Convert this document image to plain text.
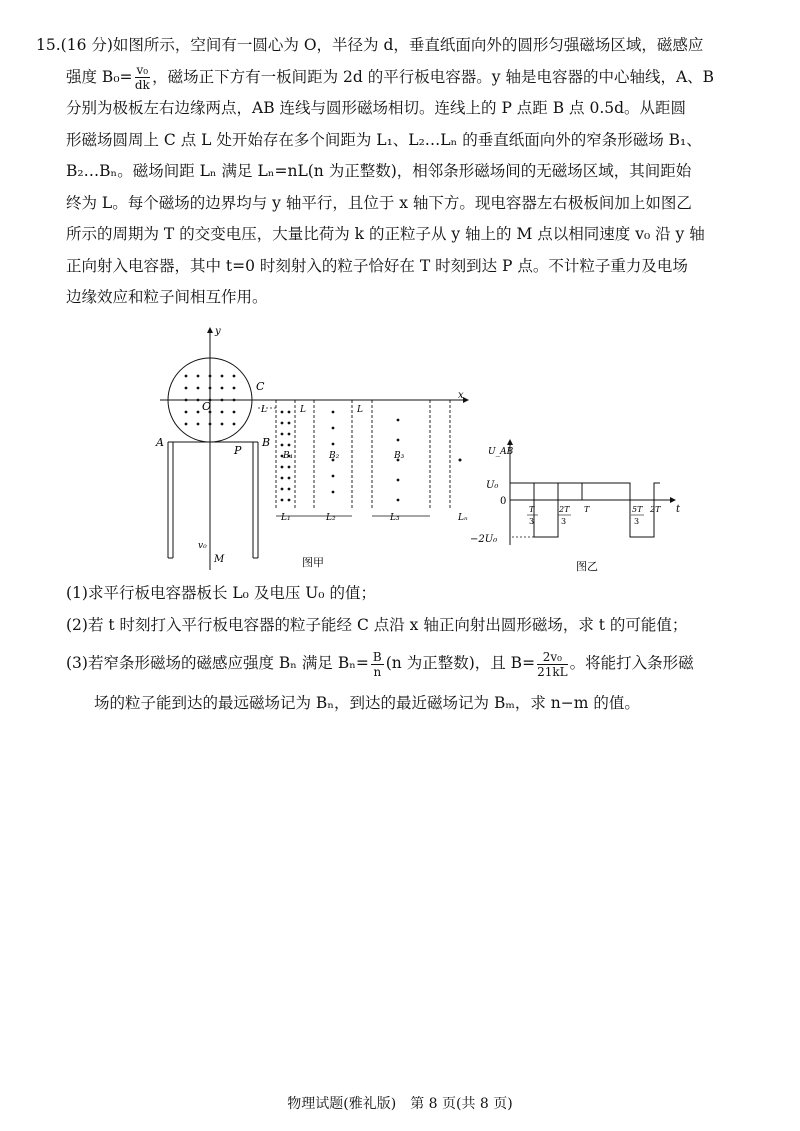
15.(16 分)如图所示，空间有一圆心为 O，半径为 d，垂直纸面向外的圆形匀强磁场区域，磁感应

强度 $B_0= \frac{\text{v₀}}{dk}$ ，磁场正下方有一板间距为 2d 的平行板电容器。y 轴是电容器的中心轴线，A、B

分别为极板左右边缘两点，AB 连线与圆形磁场相切。连线上的 P 点距 B 点 0.5d。从距圆

形磁场圆周上 C 点 L 处开始存在多个间距为 L₁、L₂…Lₙ 的垂直纸面向外的窄条形磁场 B₁、

B₂…Bₙ。磁场间距 Lₙ 满足 Lₙ=nL(n 为正整数)，相邻条形磁场间的无磁场区域，其间距始

终为 L。每个磁场的边界均与 y 轴平行，且位于 x 轴下方。现电容器左右极板间加上如图乙

所示的周期为 T 的交变电压，大量比荷为 k 的正粒子从 y 轴上的 M 点以相同速度 v₀ 沿 y 轴

正向射入电容器，其中 t=0 时刻射入的粒子恰好在 T 时刻到达 P 点。不计粒子重力及电场

边缘效应和粒子间相互作用。

y
x
O
C
A	B
P
v₀
M
L	L	L
B₁	B₂	B₃
L₁	L₂	L₃	Lₙ
图甲
U_AB
U₀
0
−2U₀
t
T
3
2T
3
T	5T
3
2T
图乙

(1)求平行板电容器板长 L₀ 及电压 U₀ 的值；

(2)若 t 时刻打入平行板电容器的粒子能经 C 点沿 x 轴正向射出圆形磁场，求 t 的可能值；

(3)若窄条形磁场的磁感应强度 Bₙ 满足 $B_n= \frac{B}{n} (n$ 为正整数)，且 $B= \frac{\text{2v₀}}{21kL}$ 。将能打入条形磁

场的粒子能到达的最远磁场记为 Bₙ，到达的最近磁场记为 Bₘ，求 n−m 的值。

物理试题(雅礼版)　第 8 页(共 8 页)
